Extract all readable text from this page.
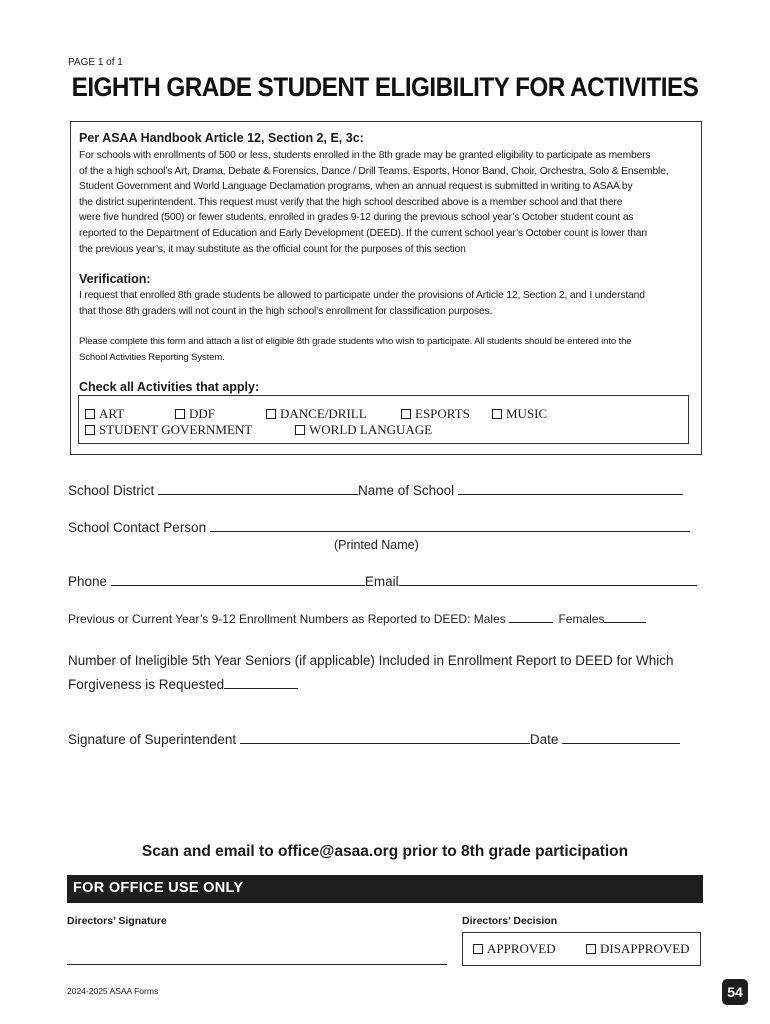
PAGE 1 of 1
EIGHTH GRADE STUDENT ELIGIBILITY FOR ACTIVITIES
Per ASAA Handbook Article 12, Section 2, E, 3c:
For schools with enrollments of 500 or less, students enrolled in the 8th grade may be granted eligibility to participate as members
of the a high school’s Art, Drama, Debate & Forensics, Dance / Drill Teams, Esports, Honor Band, Choir, Orchestra, Solo & Ensemble,
Student Government and World Language Declamation programs, when an annual request is submitted in writing to ASAA by
the district superintendent. This request must verify that the high school described above is a member school and that there
were five hundred (500) or fewer students, enrolled in grades 9-12 during the previous school year’s October student count as
reported to the Department of Education and Early Development (DEED). If the current school year’s October count is lower than
the previous year’s, it may substitute as the official count for the purposes of this section
Verification:
I request that enrolled 8th grade students be allowed to participate under the provisions of Article 12, Section 2, and I understand
that those 8th graders will not count in the high school’s enrollment for classification purposes.
Please complete this form and attach a list of eligible 8th grade students who wish to participate. All students should be entered into the
School Activities Reporting System.
Check all Activities that apply:
ART	DDF	DANCE/DRILL	ESPORTS	MUSIC
STUDENT GOVERNMENT	WORLD LANGUAGE
School District	Name of School
School Contact Person
(Printed Name)
Phone	Email
Previous or Current Year’s 9-12 Enrollment Numbers as Reported to DEED: Males	Females
Number of Ineligible 5th Year Seniors (if applicable) Included in Enrollment Report to DEED for Which
Forgiveness is Requested
Signature of Superintendent	Date
Scan and email to office@asaa.org prior to 8th grade participation
FOR OFFICE USE ONLY
Directors’ Signature	Directors’ Decision
APPROVED	DISAPPROVED
2024-2025 ASAA Forms	54
